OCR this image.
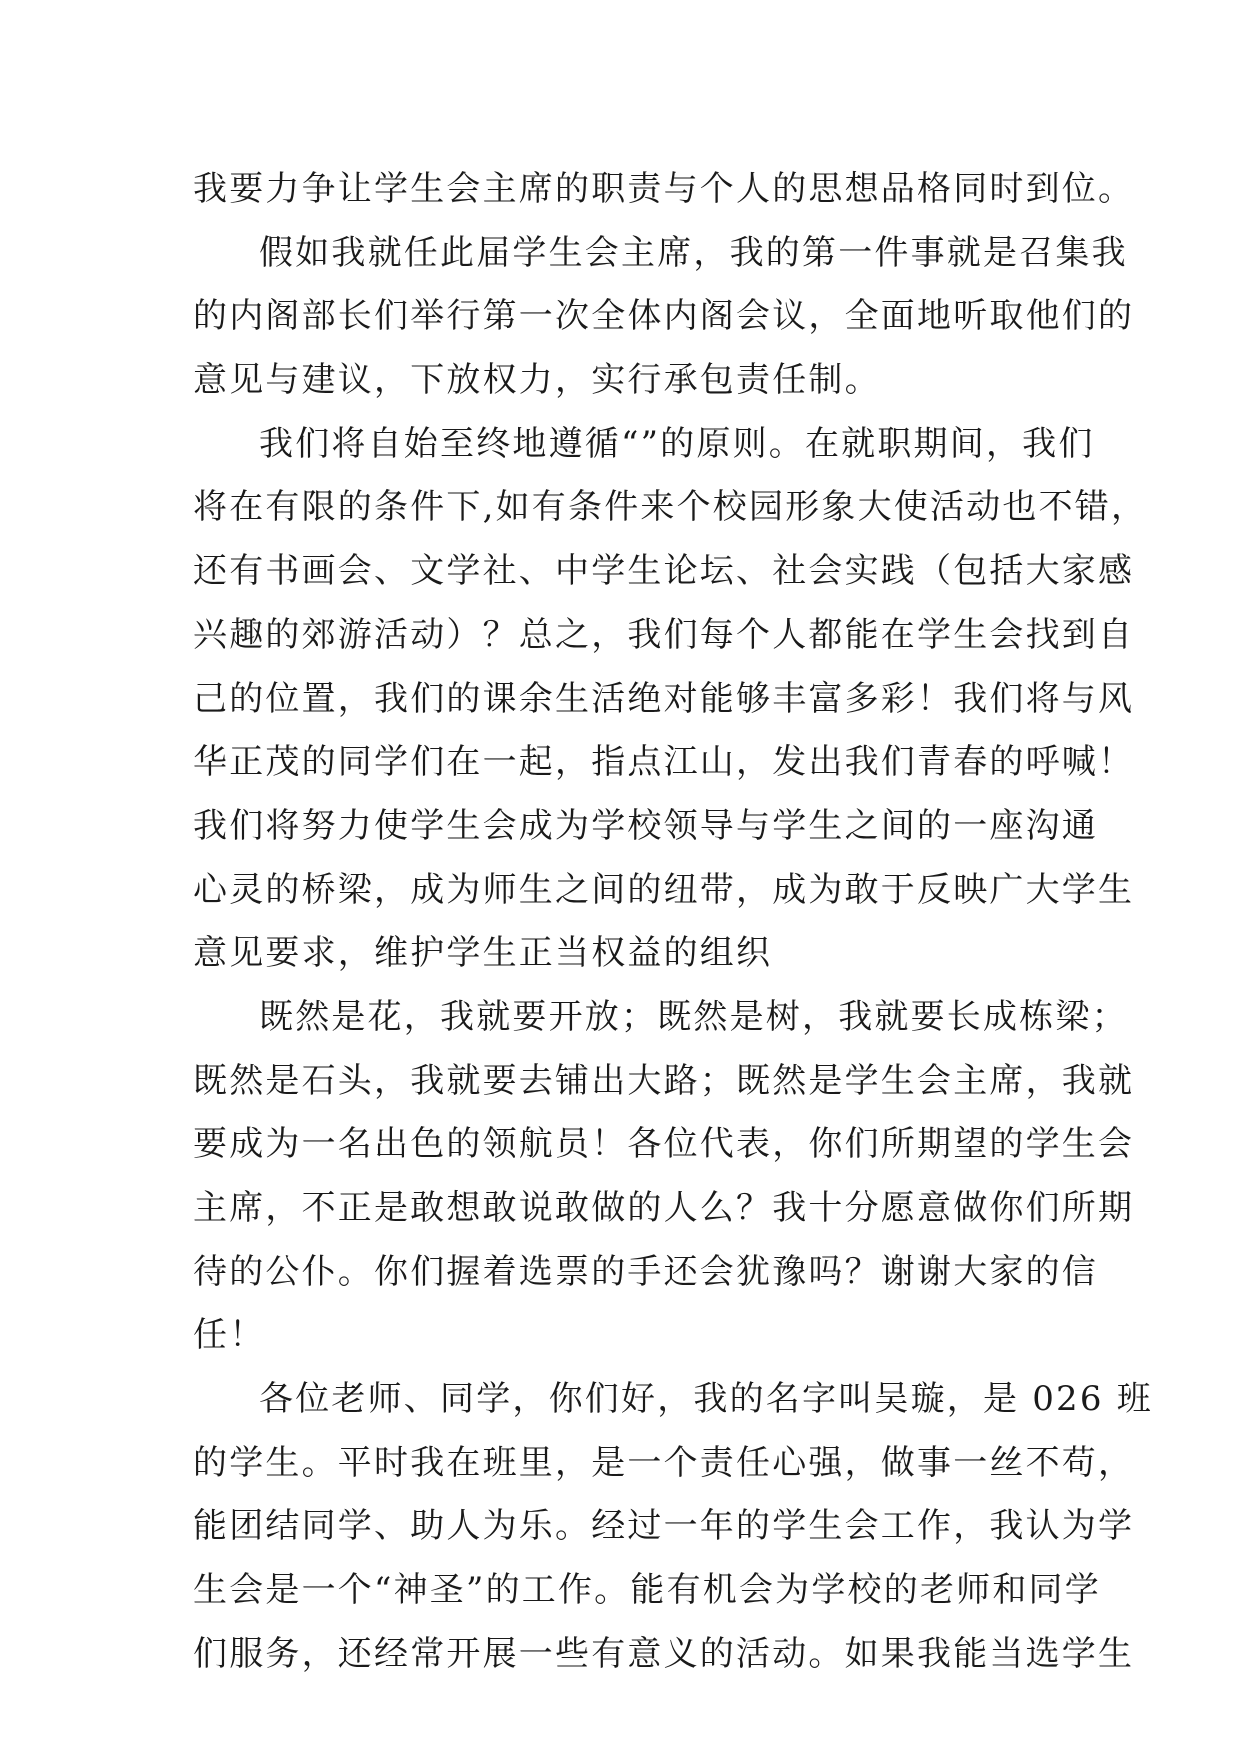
我要力争让学生会主席的职责与个人的思想品格同时到位。
假如我就任此届学生会主席，我的第一件事就是召集我
的内阁部长们举行第一次全体内阁会议，全面地听取他们的
意见与建议，下放权力，实行承包责任制。
我们将自始至终地遵循“”的原则。在就职期间，我们
将在有限的条件下,如有条件来个校园形象大使活动也不错，
还有书画会、文学社、中学生论坛、社会实践（包括大家感
兴趣的郊游活动）？总之，我们每个人都能在学生会找到自
己的位置，我们的课余生活绝对能够丰富多彩！我们将与风
华正茂的同学们在一起，指点江山，发出我们青春的呼喊！
我们将努力使学生会成为学校领导与学生之间的一座沟通
心灵的桥梁，成为师生之间的纽带，成为敢于反映广大学生
意见要求，维护学生正当权益的组织
既然是花，我就要开放；既然是树，我就要长成栋梁；
既然是石头，我就要去铺出大路；既然是学生会主席，我就
要成为一名出色的领航员！各位代表，你们所期望的学生会
主席，不正是敢想敢说敢做的人么？我十分愿意做你们所期
待的公仆。你们握着选票的手还会犹豫吗？谢谢大家的信
任！
各位老师、同学，你们好，我的名字叫吴璇，是 026 班
的学生。平时我在班里，是一个责任心强，做事一丝不苟，
能团结同学、助人为乐。经过一年的学生会工作，我认为学
生会是一个“神圣”的工作。能有机会为学校的老师和同学
们服务，还经常开展一些有意义的活动。如果我能当选学生
